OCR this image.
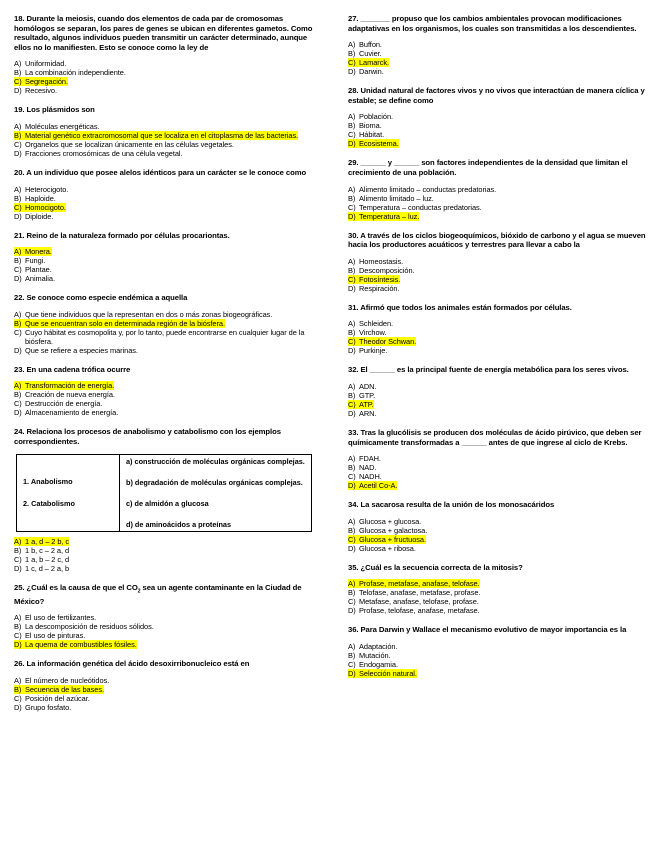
18. Durante la meiosis, cuando dos elementos de cada par de cromosomas homólogos se separan, los pares de genes se ubican en diferentes gametos. Como resultado, algunos individuos pueden transmitir un carácter determinado, aunque ellos no lo manifiesten. Esto se conoce como la ley de
A) Uniformidad.
B) La combinación independiente.
C) Segregación.
D) Recesivo.
19. Los plásmidos son
A) Moléculas energéticas.
B) Material genético extracromosomal que se localiza en el citoplasma de las bacterias.
C) Organelos que se localizan únicamente en las células vegetales.
D) Fracciones cromosómicas de una célula vegetal.
20. A un individuo que posee alelos idénticos para un carácter se le conoce como
A) Heterocigoto.
B) Haploide.
C) Homocigoto.
D) Diploide.
21. Reino de la naturaleza formado por células procariontas.
A) Monera.
B) Fungi.
C) Plantae.
D) Animalia.
22. Se conoce como especie endémica a aquella
A) Que tiene individuos que la representan en dos o más zonas biogeográficas.
B) Que se encuentran solo en determinada región de la biósfera.
C) Cuyo hábitat es cosmopolita y, por lo tanto, puede encontrarse en cualquier lugar de la biósfera.
D) Que se refiere a especies marinas.
23. En una cadena trófica ocurre
A) Transformación de energía.
B) Creación de nueva energía.
C) Destrucción de energía.
D) Almacenamiento de energía.
24. Relaciona los procesos de anabolismo y catabolismo con los ejemplos correspondientes.
1. Anabolismo
2. Catabolismo

a) construcción de moléculas orgánicas complejas.
b) degradación de moléculas orgánicas complejas.
c) de almidón a glucosa
d) de aminoácidos a proteínas
A) 1 a, d – 2 b, c
B) 1 b, c – 2 a, d
C) 1 a, b – 2 c, d
D) 1 c, d – 2 a, b
25. ¿Cuál es la causa de que el $CO_2$ sea un agente contaminante en la Ciudad de México?
A) El uso de fertilizantes.
B) La descomposición de residuos sólidos.
C) El uso de pinturas.
D) La quema de combustibles fósiles.
26. La información genética del ácido desoxirribonucleico está en
A) El número de nucleótidos.
B) Secuencia de las bases.
C) Posición del azúcar.
D) Grupo fosfato.
27. _______ propuso que los cambios ambientales provocan modificaciones adaptativas en los organismos, los cuales son transmitidas a los descendientes.
A) Buffon.
B) Cuvier.
C) Lamarck.
D) Darwin.
28. Unidad natural de factores vivos y no vivos que interactúan de manera cíclica y estable; se define como
A) Población.
B) Bioma.
C) Hábitat.
D) Ecosistema.
29. ______ y ______ son factores independientes de la densidad que limitan el crecimiento de una población.
A) Alimento limitado – conductas predatorias.
B) Alimento limitado – luz.
C) Temperatura – conductas predatorias.
D) Temperatura – luz.
30. A través de los ciclos biogeoquímicos, bióxido de carbono y el agua se mueven hacia los productores acuáticos y terrestres para llevar a cabo la
A) Homeostasis.
B) Descomposición.
C) Fotosíntesis.
D) Respiración.
31. Afirmó que todos los animales están formados por células.
A) Schleiden.
B) Virchow.
C) Theodor Schwan.
D) Purkinje.
32. El ______ es la principal fuente de energía metabólica para los seres vivos.
A) ADN.
B) GTP.
C) ATP.
D) ARN.
33. Tras la glucólisis se producen dos moléculas de ácido pirúvico, que deben ser químicamente transformadas a ______ antes de que ingrese al ciclo de Krebs.
A) FDAH.
B) NAD.
C) NADH.
D) Acetil Co-A.
34. La sacarosa resulta de la unión de los monosacáridos
A) Glucosa + glucosa.
B) Glucosa + galactosa.
C) Glucosa + fructuosa.
D) Glucosa + ribosa.
35. ¿Cuál es la secuencia correcta de la mitosis?
A) Profase, metafase, anafase, telofase.
B) Telofase, anafase, metafase, profase.
C) Metafase, anafase, telofase, profase.
D) Profase, telofase, anafase, metafase.
36. Para Darwin y Wallace el mecanismo evolutivo de mayor importancia es la
A) Adaptación.
B) Mutación.
C) Endogamia.
D) Selección natural.
